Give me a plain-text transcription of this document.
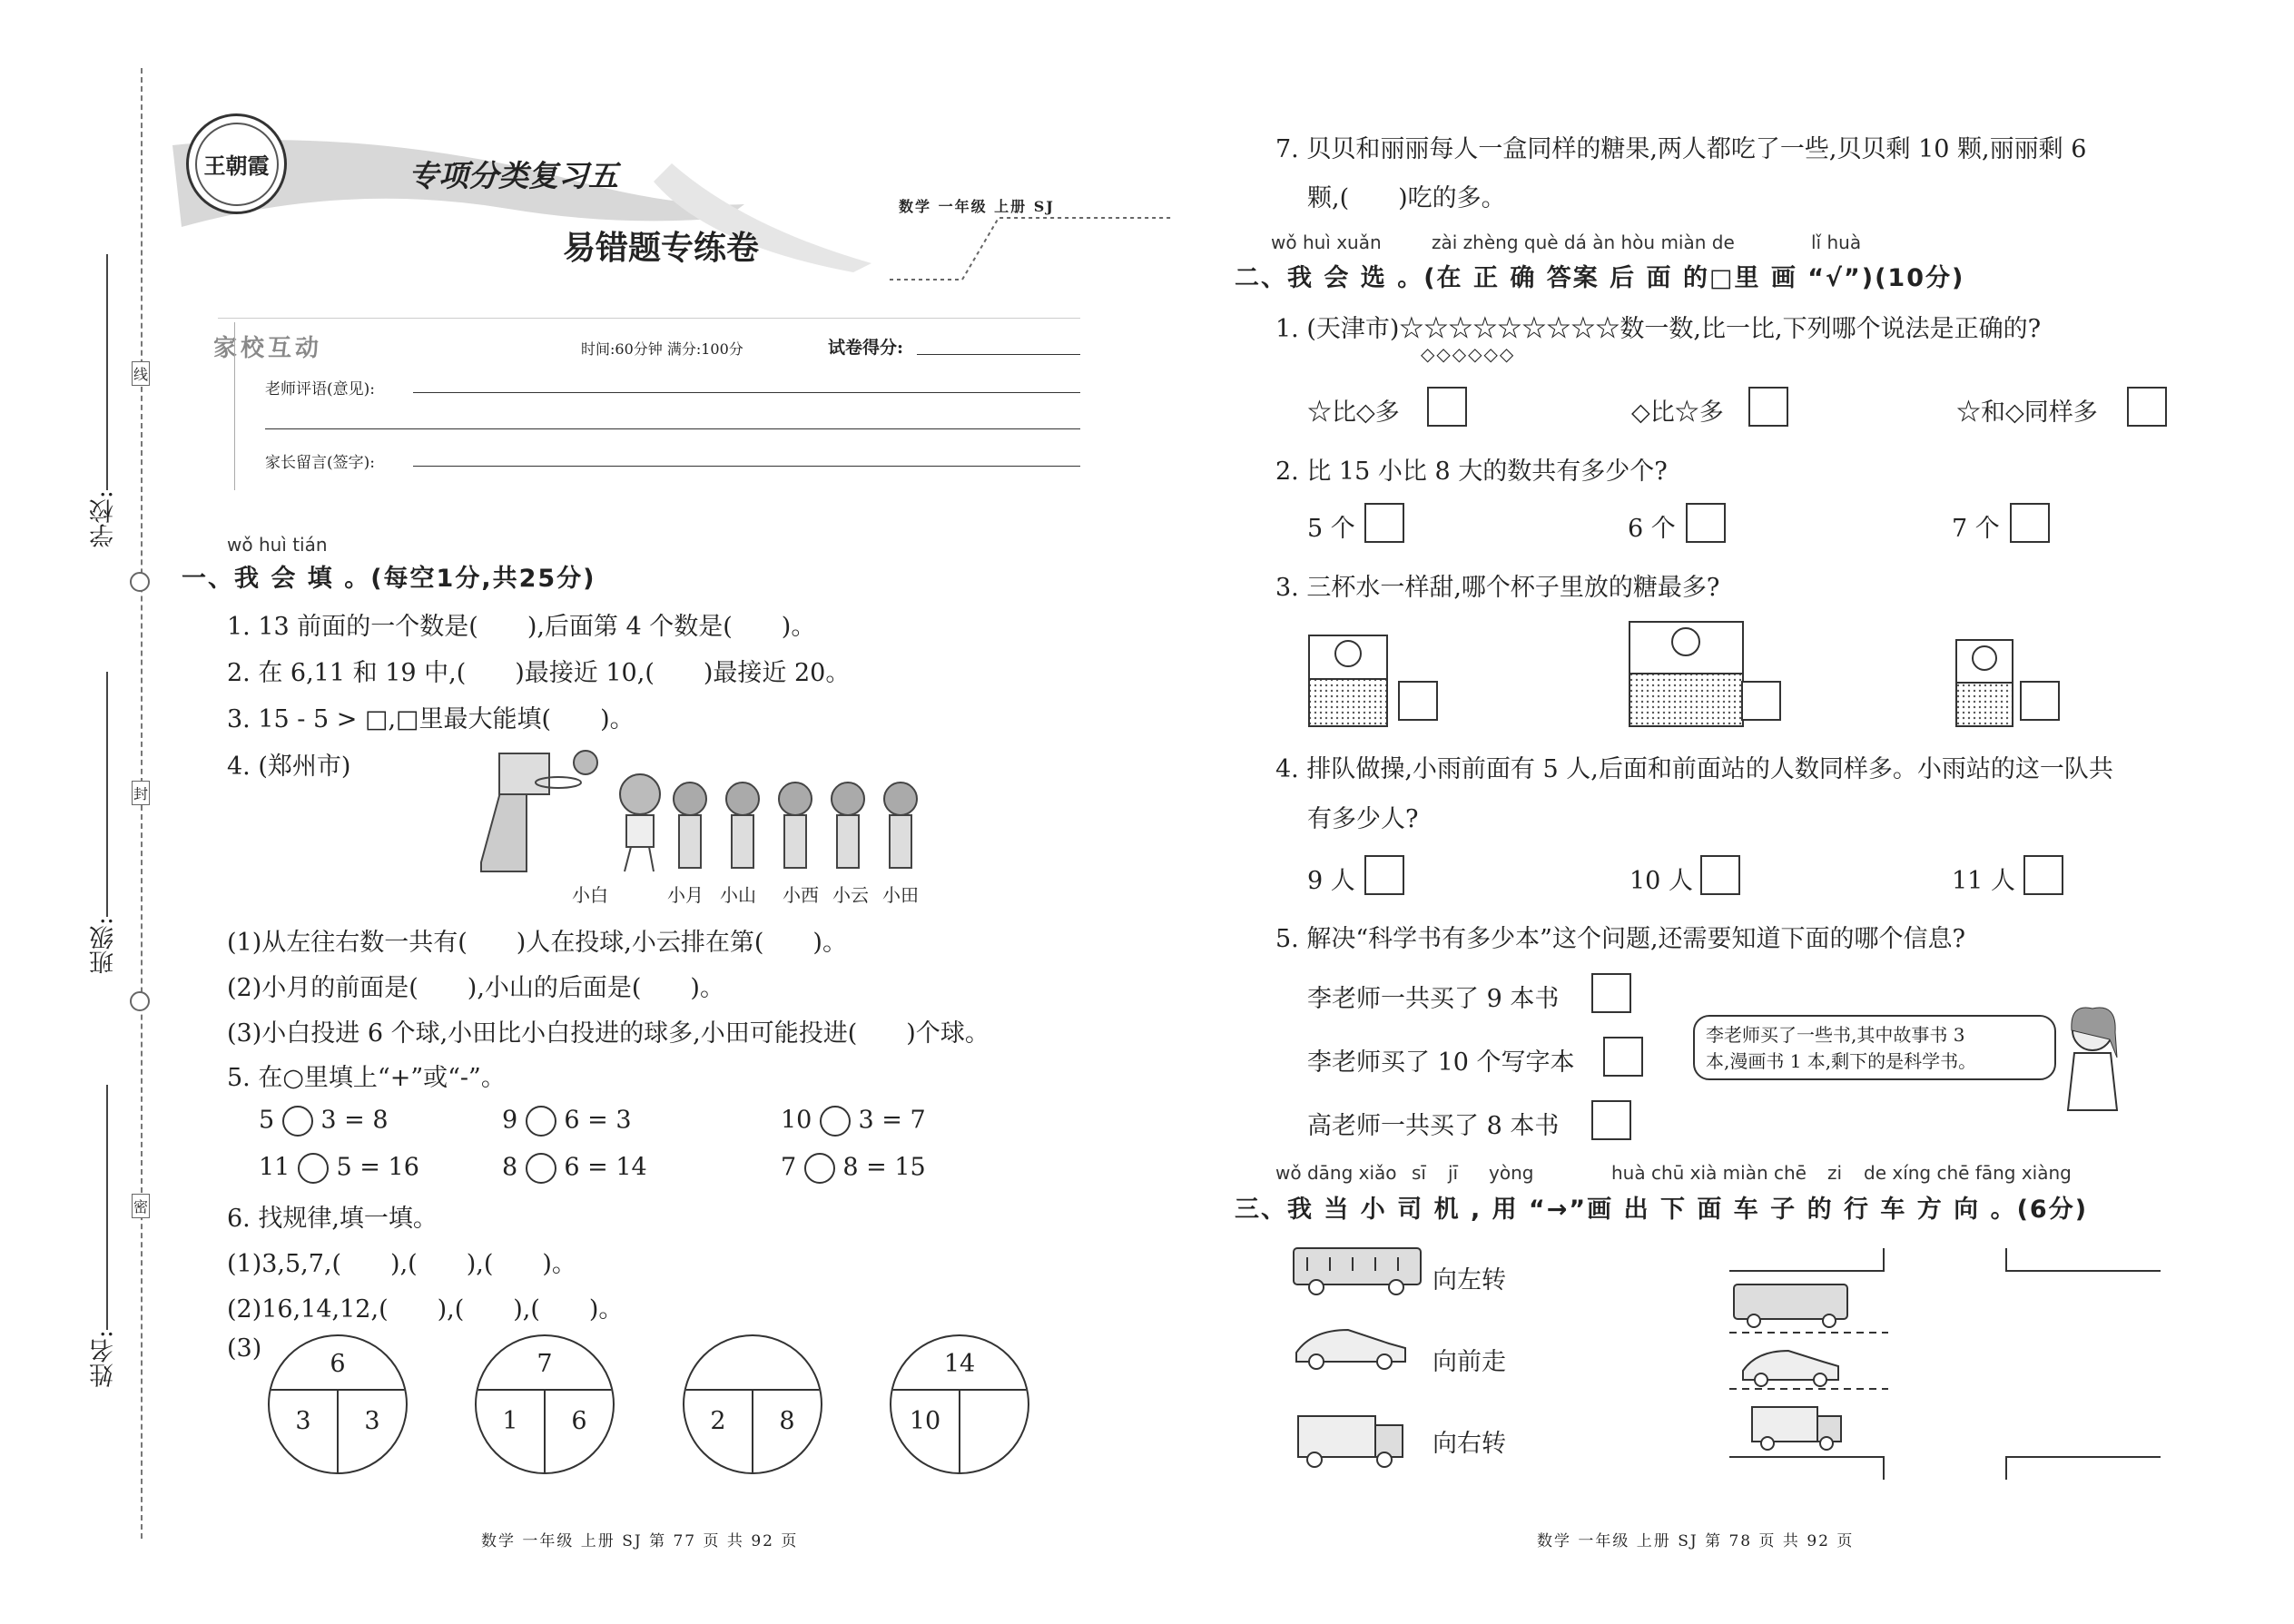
学校:
班级:
姓名:
线
封
密
王朝霞	专项分类复习五
易错题专练卷
数学 一年级 上册 SJ
家校互动	时间:60分钟 满分:100分	试卷得分:
老师评语(意见):
家长留言(签字):
wǒ huì tián
一、我 会 填 。(每空1分,共25分)
1. 13 前面的一个数是(　　),后面第 4 个数是(　　)。
2. 在 6,11 和 19 中,(　　)最接近 10,(　　)最接近 20。
3. 15 - 5 > □,□里最大能填(　　)。
4. (郑州市)
小白	小月 小山 小西 小云 小田
(1)从左往右数一共有(　　)人在投球,小云排在第(　　)。
(2)小月的前面是(　　),小山的后面是(　　)。
(3)小白投进 6 个球,小田比小白投进的球多,小田可能投进(　　)个球。
5. 在○里填上“+”或“-”。
5 3 = 8	9 6 = 3	10 3 = 7
11 5 = 16	8 6 = 14	7 8 = 15
6. 找规律,填一填。
(1)3,5,7,(　　),(　　),(　　)。
(2)16,14,12,(　　),(　　),(　　)。
(3)
6
3	3
7
1	6	2	8
14
10
数学 一年级 上册 SJ 第 77 页 共 92 页
7. 贝贝和丽丽每人一盒同样的糖果,两人都吃了一些,贝贝剩 10 颗,丽丽剩 6
颗,(　　)吃的多。
wǒ huì xuǎn	zài zhèng què dá àn hòu miàn de	lǐ huà
二、我 会 选 。(在 正 确 答案 后 面 的□里 画 “√”)(10分)
1. (天津市)☆☆☆☆☆☆☆☆☆数一数,比一比,下列哪个说法是正确的?
◇◇◇◇◇◇
☆比◇多	◇比☆多	☆和◇同样多
2. 比 15 小比 8 大的数共有多少个?
5 个	6 个	7 个
3. 三杯水一样甜,哪个杯子里放的糖最多?
4. 排队做操,小雨前面有 5 人,后面和前面站的人数同样多。小雨站的这一队共
有多少人?
9 人	10 人	11 人
5. 解决“科学书有多少本”这个问题,还需要知道下面的哪个信息?
李老师一共买了 9 本书
李老师买了 10 个写字本
高老师一共买了 8 本书
李老师买了一些书,其中故事书 3
本,漫画书 1 本,剩下的是科学书。
wǒ dāng xiǎo sī jī yòng	huà chū xià miàn chē zi de xíng chē fāng xiàng
三、我 当 小 司 机 , 用 “→”画 出 下 面 车 子 的 行 车 方 向 。(6分)
向左转
向前走
向右转
数学 一年级 上册 SJ 第 78 页 共 92 页
